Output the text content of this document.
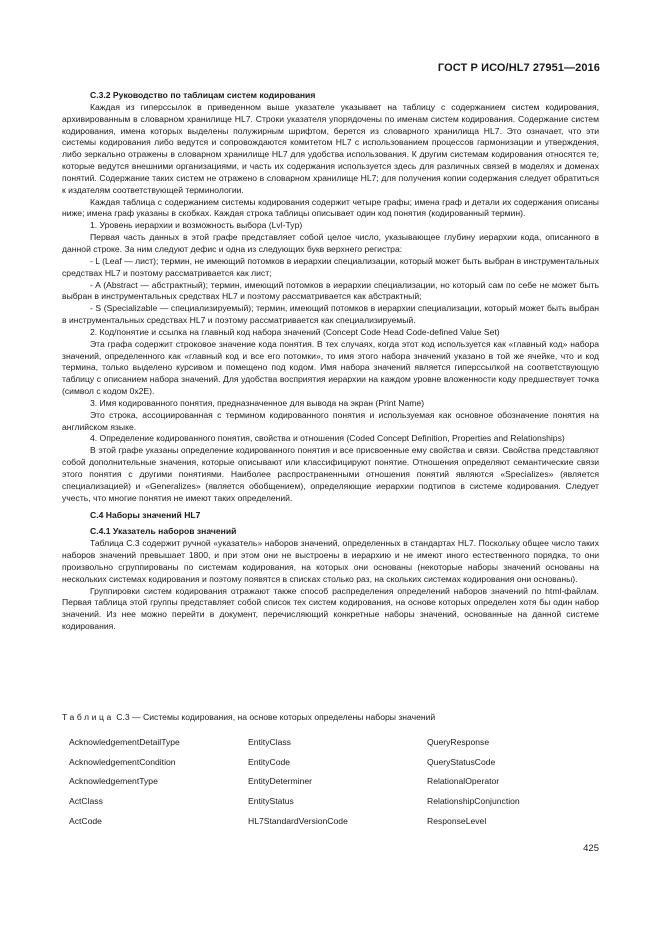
ГОСТ Р ИСО/HL7 27951—2016
С.3.2 Руководство по таблицам систем кодирования

Каждая из гиперссылок в приведенном выше указателе указывает на таблицу с содержанием систем кодирования, архивированным в словарном хранилище HL7. Строки указателя упорядочены по именам систем кодирования. Содержание систем кодирования, имена которых выделены полужирным шрифтом, берется из словарного хранилища HL7. Это означает, что эти системы кодирования либо ведутся и сопровождаются комитетом HL7 с использованием процессов гармонизации и утверждения, либо зеркально отражены в словарном хранилище HL7 для удобства использования. К другим системам кодирования относятся те, которые ведутся внешними организациями, и часть их содержания используется здесь для различных связей в моделях и доменах понятий. Содержание таких систем не отражено в словарном хранилище HL7; для получения копии содержания следует обратиться к издателям соответствующей терминологии.

Каждая таблица с содержанием системы кодирования содержит четыре графы; имена граф и детали их содержания описаны ниже; имена граф указаны в скобках. Каждая строка таблицы описывает один код понятия (кодированный термин).

1. Уровень иерархии и возможность выбора (Lvl-Typ)

Первая часть данных в этой графе представляет собой целое число, указывающее глубину иерархии кода, описанного в данной строке. За ним следуют дефис и одна из следующих букв верхнего регистра:

- L (Leaf — лист); термин, не имеющий потомков в иерархии специализации, который может быть выбран в инструментальных средствах HL7 и поэтому рассматривается как лист;

- A (Abstract — абстрактный); термин, имеющий потомков в иерархии специализации, но который сам по себе не может быть выбран в инструментальных средствах HL7 и поэтому рассматривается как абстрактный;

- S (Specializable — специализируемый); термин, имеющий потомков в иерархии специализации, который может быть выбран в инструментальных средствах HL7 и поэтому рассматривается как специализируемый.

2. Код/понятие и ссылка на главный код набора значений (Concept Code Head Code-defined Value Set)

Эта графа содержит строковое значение кода понятия. В тех случаях, когда этот код используется как «главный код» набора значений, определенного как «главный код и все его потомки», то имя этого набора значений указано в той же ячейке, что и код термина, только выделено курсивом и помещено под кодом. Имя набора значений является гиперссылкой на соответствующую таблицу с описанием набора значений. Для удобства восприятия иерархии на каждом уровне вложенности коду предшествует точка (символ с кодом 0x2E).

3. Имя кодированного понятия, предназначенное для вывода на экран (Print Name)

Это строка, ассоциированная с термином кодированного понятия и используемая как основное обозначение понятия на английском языке.

4. Определение кодированного понятия, свойства и отношения (Coded Concept Definition, Properties and Relationships)

В этой графе указаны определение кодированного понятия и все присвоенные ему свойства и связи. Свойства представляют собой дополнительные значения, которые описывают или классифицируют понятие. Отношения определяют семантические связи этого понятия с другими понятиями. Наиболее распространенными отношения понятий являются «Specializes» (является специализацией) и «Generalizes» (является обобщением), определяющие иерархии подтипов в системе кодирования. Следует учесть, что многие понятия не имеют таких определений.

С.4 Наборы значений HL7
С.4.1 Указатель наборов значений

Таблица С.3 содержит ручной «указатель» наборов значений, определенных в стандартах HL7. Поскольку общее число таких наборов значений превышает 1800, и при этом они не выстроены в иерархию и не имеют иного естественного порядка, то они произвольно сгруппированы по системам кодирования, на которых они основаны (некоторые наборы значений основаны на нескольких системах кодирования и поэтому появятся в списках столько раз, на скольких системах кодирования они основаны).

Группировки систем кодирования отражают также способ распределения определений наборов значений по html-файлам. Первая таблица этой группы представляет собой список тех систем кодирования, на основе которых определен хотя бы один набор значений. Из нее можно перейти в документ, перечисляющий конкретные наборы значений, основанные на данной системе кодирования.

Таблица С.3 — Системы кодирования, на основе которых определены наборы значений
AcknowledgementDetailType	EntityClass	QueryResponse
AcknowledgementCondition	EntityCode	QueryStatusCode
AcknowledgementType	EntityDeterminer	RelationalOperator
ActClass	EntityStatus	RelationshipConjunction
ActCode	HL7StandardVersionCode	ResponseLevel
425
